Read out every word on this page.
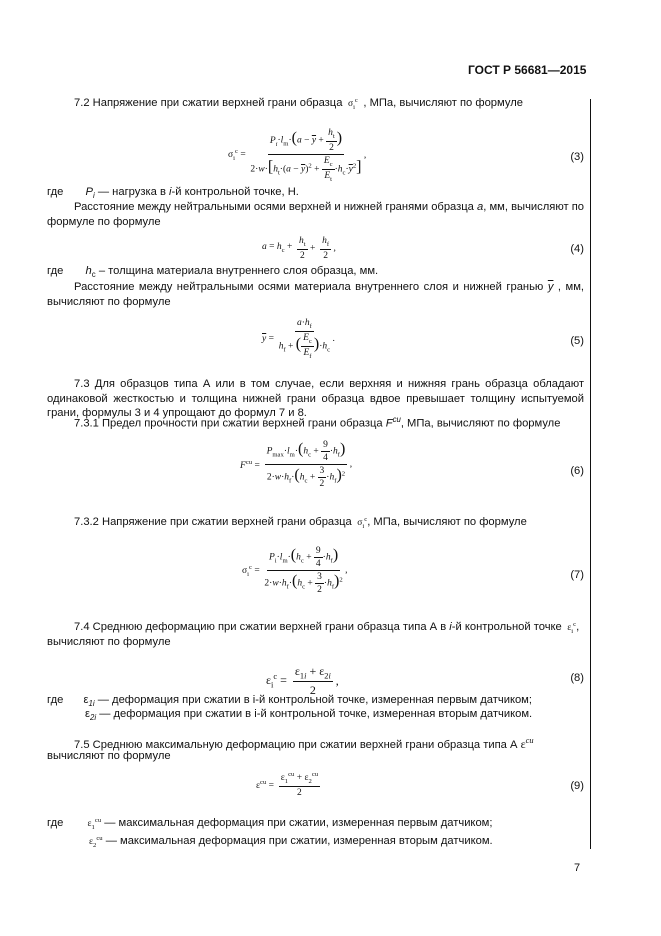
ГОСТ Р 56681—2015
7.2 Напряжение при сжатии верхней грани образца  $\sigma_i^c$ , МПа, вычисляют по формуле
$\sigma_i^c = \frac{P_i\cdot l_m\cdot(a - \overline{y} + \frac{h_t}{2} )}{2\cdot w\cdot[h_t\cdot(a - \overline{y})^2 + \frac{E_c}{E_t} \cdot h_c\cdot\overline{y}^2]}$ ,	(3)
где $P_i$ — нагрузка в i-й контрольной точке, Н.
Расстояние между нейтральными осями верхней и нижней гранями образца a, мм, вычисляют по формуле по формуле
$a = h_c + \frac{h_t}{2} + \frac{h_f}{2}$ ,	(4)
где $h_c$ – толщина материала внутреннего слоя образца, мм.
Расстояние между нейтральными осями материала внутреннего слоя и нижней гранью $\overline{y}$ , мм, вычисляют по формуле
$\overline{y} = \frac{a\cdot h_f}{h_f + ( \frac{E_c}{E_f} )\cdot h_c}$ .	(5)
7.3 Для образцов типа А или в том случае, если верхняя и нижняя грань образца обладают одинаковой жесткостью и толщина нижней грани образца вдвое превышает толщину испытуемой грани, формулы 3 и 4 упрощают до формул 7 и 8.
7.3.1 Предел прочности при сжатии верхней грани образца $F^{cu}$, МПа, вычисляют по формуле
$F^{cu} = \frac{P_{max}\cdot l_m\cdot(h_c + \frac{9}{4} \cdot h_f)}{2\cdot w\cdot h_f\cdot(h_c + \frac{3}{2} \cdot h_f)^2}$ ,
(6)
7.3.2 Напряжение при сжатии верхней грани образца  $\sigma_i^c$, МПа, вычисляют по формуле
$\sigma_i^c = \frac{P_i\cdot l_m\cdot(h_c + \frac{9}{4} \cdot h_f)}{2\cdot w\cdot h_f\cdot(h_c + \frac{3}{2} \cdot h_f)^2}$ ,	(7)
7.4 Среднюю деформацию при сжатии верхней грани образца типа А в i-й контрольной точке  $\varepsilon_i^c$,
вычисляют по формуле
$\varepsilon_i^c = \frac{\varepsilon_{1i} + \varepsilon_{2i}}{2}$ ,	(8)
где  $\varepsilon_{1i}$ — деформация при сжатии в i-й контрольной точке, измеренная первым датчиком;
$\varepsilon_{2i}$ — деформация при сжатии в i-й контрольной точке, измеренная вторым датчиком.
7.5 Среднюю максимальную деформацию при сжатии верхней грани образца типа А $\varepsilon^{cu}$
вычисляют по формуле
$\varepsilon^{cu} = \frac{\varepsilon_1^{cu} + \varepsilon_2^{cu}}{2}$	(9)
где	$\varepsilon_1^{cu}$ — максимальная деформация при сжатии, измеренная первым датчиком;
$\varepsilon_2^{cu}$ — максимальная деформация при сжатии, измеренная вторым датчиком.
7
